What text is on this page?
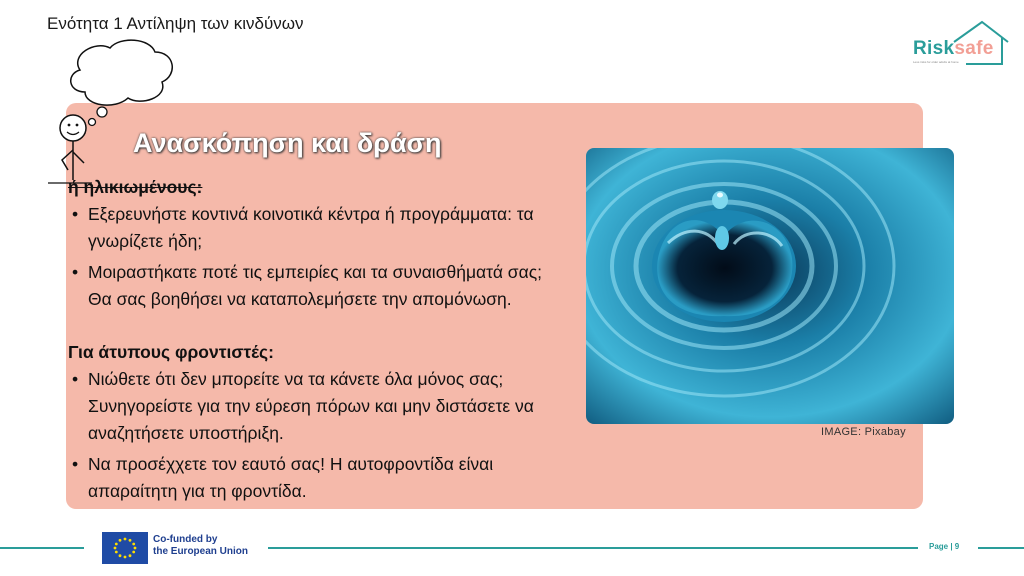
Ενότητα 1 Αντίληψη των κινδύνων
Risksafe
Less risks for older adults at home
Ανασκόπηση και δράση

ή ηλικιωμένους:

• Εξερευνήστε κοντινά κοινοτικά κέντρα ή προγράμματα: τα γνωρίζετε ήδη;
• Μοιραστήκατε ποτέ τις εμπειρίες και τα συναισθήματά σας; Θα σας βοηθήσει να καταπολεμήσετε την απομόνωση.

Για άτυπους φροντιστές:

• Νιώθετε ότι δεν μπορείτε να τα κάνετε όλα μόνος σας; Συνηγορείστε για την εύρεση πόρων και μην διστάσετε να αναζητήσετε υποστήριξη.
• Να προσέχχετε τον εαυτό σας! Η αυτοφροντίδα είναι απαραίτητη για τη φροντίδα.
IMAGE: Pixabay
Co-funded by
the European Union	Page | 9
